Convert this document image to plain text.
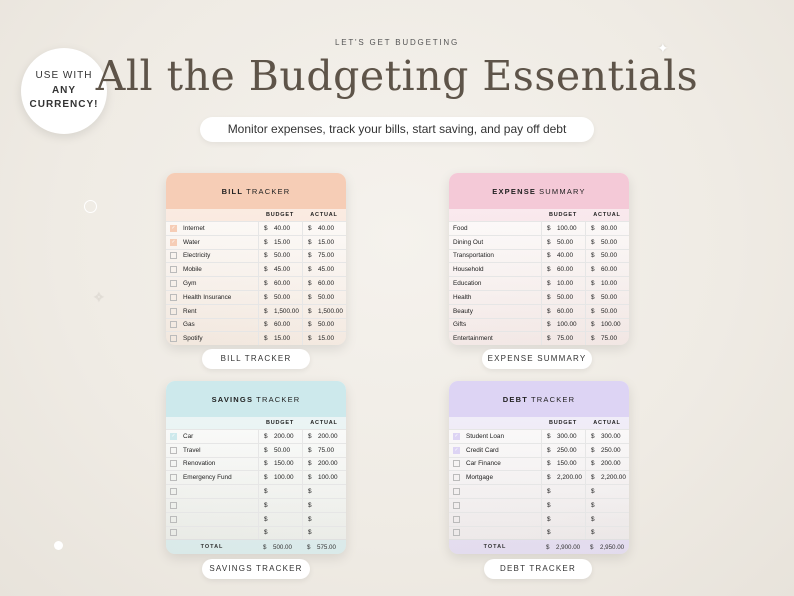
USE WITH
ANY
CURRENCY!
LET'S GET BUDGETING
All the Budgeting Essentials
Monitor expenses, track your bills, start saving, and pay off debt
✦
✧
BILL TRACKER
BUDGET	ACTUAL
✓ Internet	$	40.00	$	40.00
✓ Water	$	15.00	$	15.00
Electricity	$	50.00	$	75.00
Mobile	$	45.00	$	45.00
Gym	$	60.00	$	60.00
Health Insurance	$	50.00	$	50.00
Rent	$	1,500.00 $	1,500.00
Gas	$	60.00	$	50.00
Spotify	$	15.00	$	15.00
BILL TRACKER
EXPENSE SUMMARY
BUDGET	ACTUAL
Food	$	100.00 $	80.00
Dining Out	$	50.00	$	50.00
Transportation	$	40.00	$	50.00
Household	$	60.00	$	60.00
Education	$	10.00	$	10.00
Health	$	50.00	$	50.00
Beauty	$	60.00	$	50.00
Gifts	$	100.00 $	100.00
Entertainment	$	75.00	$	75.00
EXPENSE SUMMARY
SAVINGS TRACKER
BUDGET	ACTUAL
✓ Car	$	200.00 $	200.00
Travel	$	50.00	$	75.00
Renovation	$	150.00 $	200.00
Emergency Fund	$	100.00 $	100.00
$	$
$	$
$	$
$	$
TOTAL	$	500.00 $	575.00
SAVINGS TRACKER
DEBT TRACKER
BUDGET	ACTUAL
✓ Student Loan	$	300.00 $	300.00
✓ Credit Card	$	250.00 $	250.00
Car Finance	$	150.00 $	200.00
Mortgage	$	2,200.00 $	2,200.00
$	$
$	$
$	$
$	$
TOTAL	$	2,900.00 $	2,950.00
DEBT TRACKER
